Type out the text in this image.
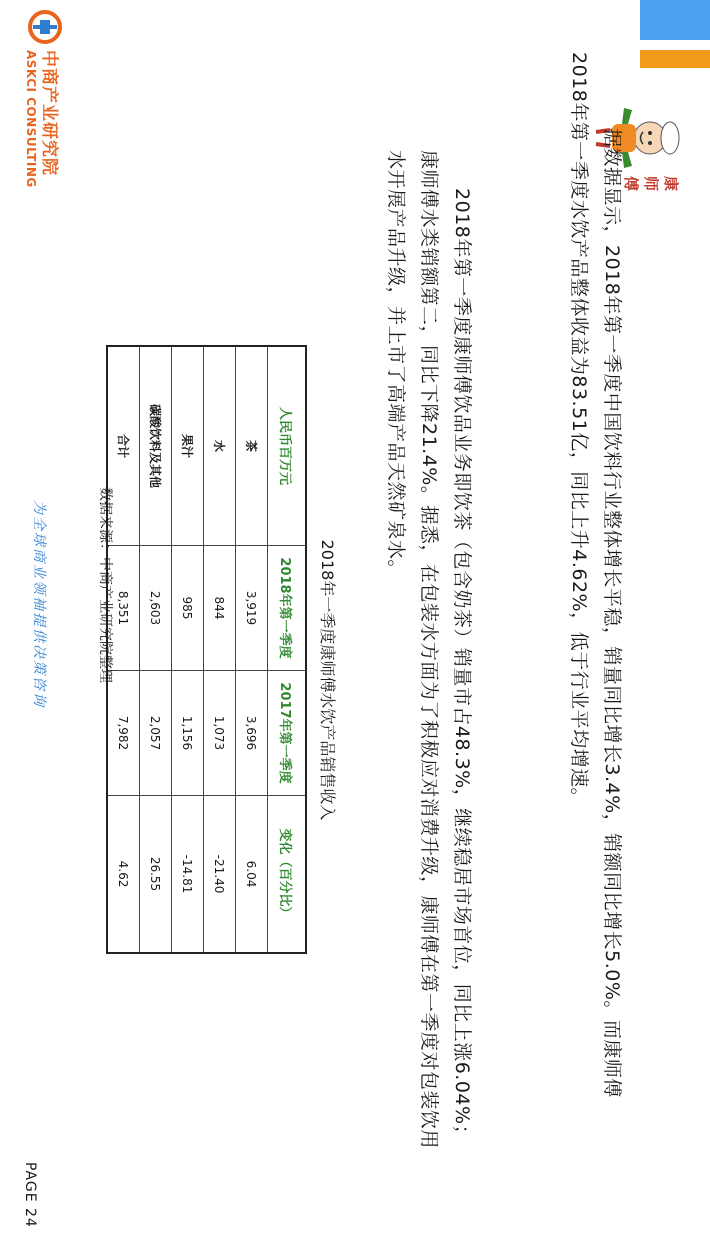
中商产业研究院
ASKCI CONSULTING	康
师
傅

据数据显示，2018年第一季度中国饮料行业整体增长平稳，销量同比增长3.4%，销额同比增长5.0%。而康师傅2018年第一季度水饮产品整体收益为83.51亿，同比上升4.62%，低于行业平均增速。

2018年第一季度康师傅饮品业务即饮茶（包含奶茶）销量市占48.3%，继续稳居市场首位，同比上涨6.04%；康师傅水类销额第二，同比下降21.4%。据悉，在包装水方面为了积极应对消费升级，康师傅在第一季度对包装饮用水开展产品升级，并上市了高端产品天然矿泉水。

2018年一季度康师傅水饮产品销售收入
人民币百万元	2018年第一季度	2017年第一季度	变化（百分比）
茶	3,919	3,696	6.04
水	844	1,073	-21.40
果汁	985	1,156	-14.81
碳酸饮料及其他	2,603	2,057	26.55
合计	8,351	7,982	4.62
数据来源：中商产业研究院整理
为全球商业领袖提供决策咨询
PAGE 24
